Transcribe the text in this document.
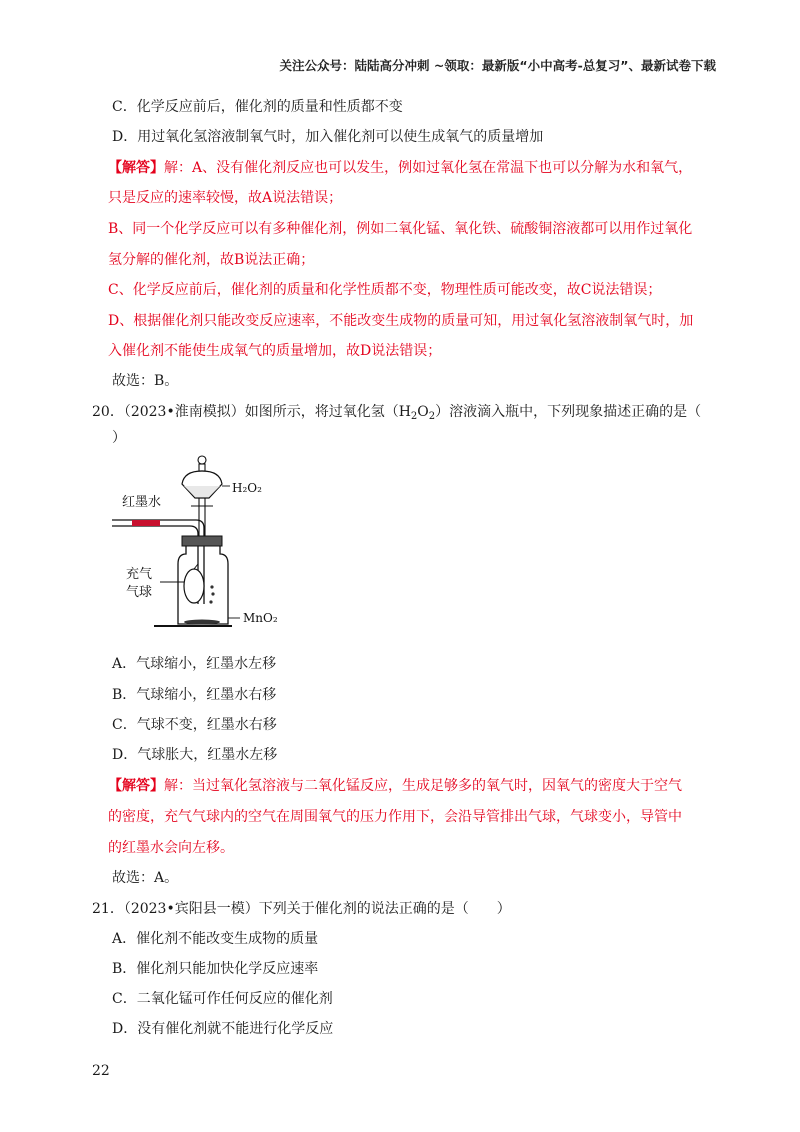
关注公众号：陆陆高分冲刺 ~领取：最新版“小中高考-总复习”、最新试卷下载
C．化学反应前后，催化剂的质量和性质都不变
D．用过氧化氢溶液制氧气时，加入催化剂可以使生成氧气的质量增加
【解答】解：A、没有催化剂反应也可以发生，例如过氧化氢在常温下也可以分解为水和氧气，
只是反应的速率较慢，故A说法错误；
B、同一个化学反应可以有多种催化剂，例如二氧化锰、氧化铁、硫酸铜溶液都可以用作过氧化
氢分解的催化剂，故B说法正确；
C、化学反应前后，催化剂的质量和化学性质都不变，物理性质可能改变，故C说法错误；
D、根据催化剂只能改变反应速率，不能改变生成物的质量可知，用过氧化氢溶液制氧气时，加
入催化剂不能使生成氧气的质量增加，故D说法错误；
故选：B。
20．（2023•淮南模拟）如图所示，将过氧化氢$(H_2O_2)$溶液滴入瓶中，下列现象描述正确的是（
）
红墨水
H₂O₂
充气
气球
MnO₂
A．气球缩小，红墨水左移
B．气球缩小，红墨水右移
C．气球不变，红墨水右移
D．气球胀大，红墨水左移
【解答】解：当过氧化氢溶液与二氧化锰反应，生成足够多的氧气时，因氧气的密度大于空气
的密度，充气气球内的空气在周围氧气的压力作用下，会沿导管排出气球，气球变小，导管中
的红墨水会向左移。
故选：A。
21．（2023•宾阳县一模）下列关于催化剂的说法正确的是（　　）
A．催化剂不能改变生成物的质量
B．催化剂只能加快化学反应速率
C．二氧化锰可作任何反应的催化剂
D．没有催化剂就不能进行化学反应
22
